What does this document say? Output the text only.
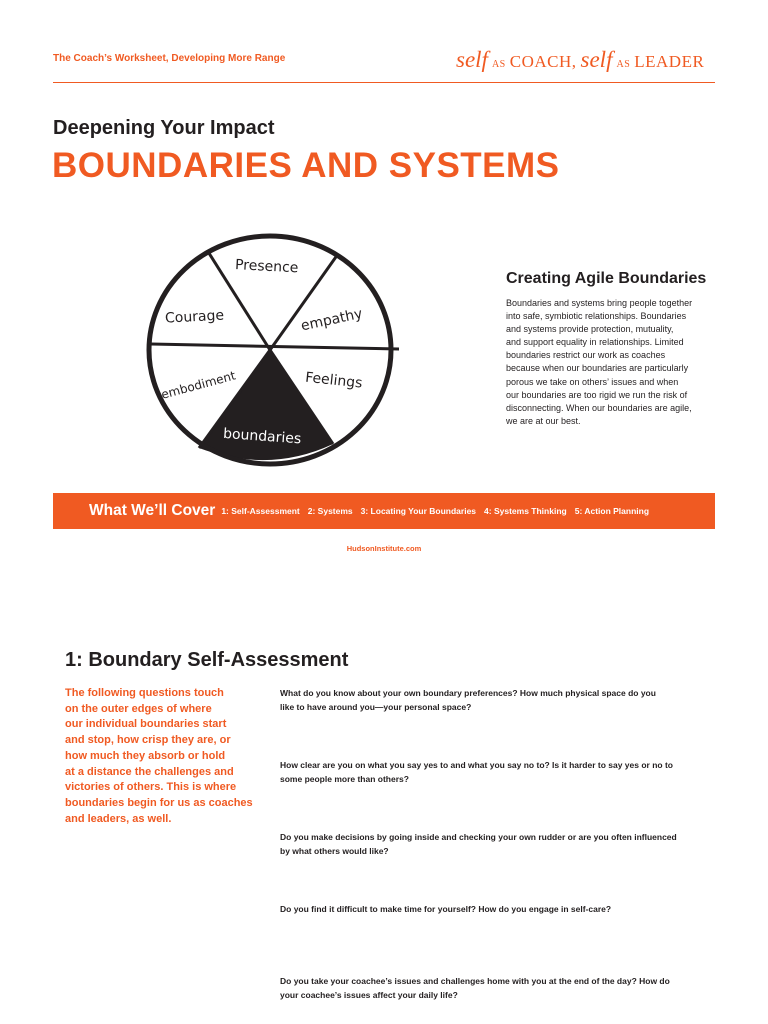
The Coach’s Worksheet, Developing More Range	self AS COACH, self AS LEADER
Deepening Your Impact
BOUNDARIES AND SYSTEMS
Presence
empathy
Feelings
boundaries
embodiment
Courage
Creating Agile Boundaries
Boundaries and systems bring people together
into safe, symbiotic relationships. Boundaries
and systems provide protection, mutuality,
and support equality in relationships. Limited
boundaries restrict our work as coaches
because when our boundaries are particularly
porous we take on others’ issues and when
our boundaries are too rigid we run the risk of
disconnecting. When our boundaries are agile,
we are at our best.
What We’ll Cover 1: Self-Assessment 2: Systems 3: Locating Your Boundaries 4: Systems Thinking 5: Action Planning
HudsonInstitute.com
1: Boundary Self-Assessment
The following questions touch
on the outer edges of where
our individual boundaries start
and stop, how crisp they are, or
how much they absorb or hold
at a distance the challenges and
victories of others. This is where
boundaries begin for us as coaches
and leaders, as well.
What do you know about your own boundary preferences? How much physical space do you
like to have around you—your personal space?
How clear are you on what you say yes to and what you say no to? Is it harder to say yes or no to
some people more than others?
Do you make decisions by going inside and checking your own rudder or are you often influenced
by what others would like?
Do you find it difficult to make time for yourself? How do you engage in self-care?
Do you take your coachee’s issues and challenges home with you at the end of the day? How do
your coachee’s issues affect your daily life?
